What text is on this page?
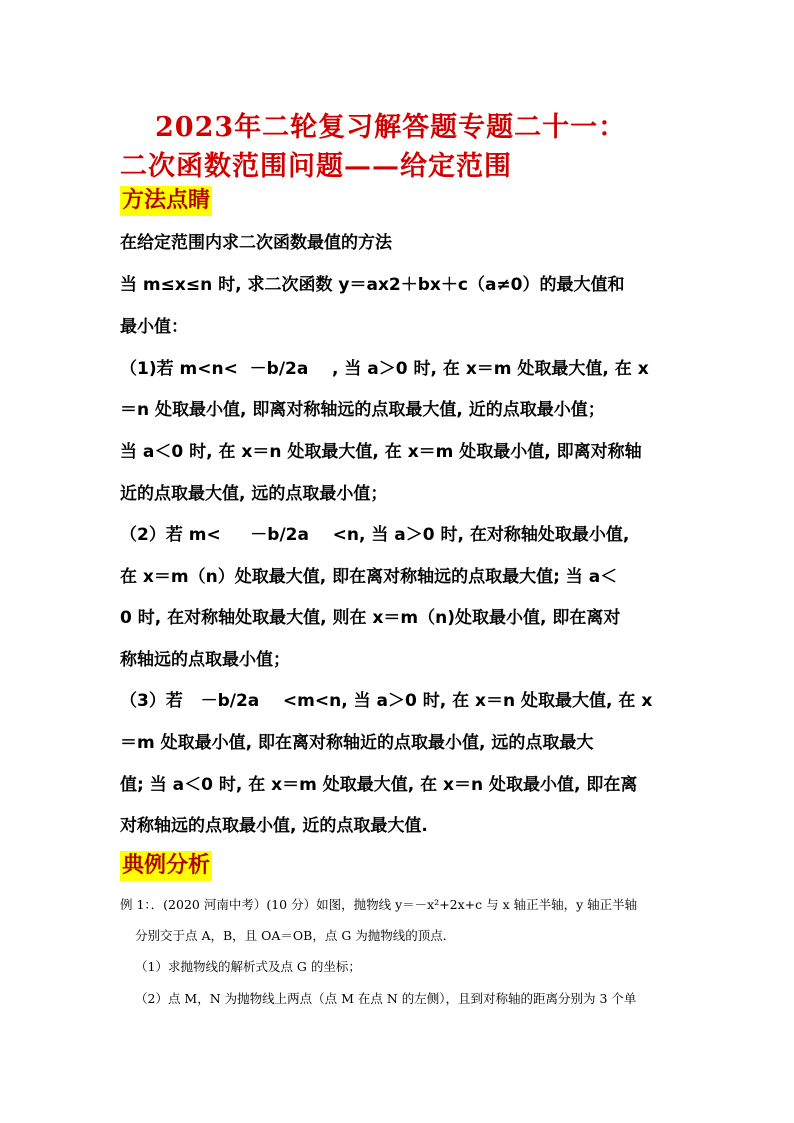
2023年二轮复习解答题专题二十一：
二次函数范围问题——给定范围
方法点睛
在给定范围内求二次函数最值的方法
当 m≤x≤n 时, 求二次函数 y＝ax2＋bx＋c（a≠0）的最大值和
最小值：
（1)若 m<n<  －b/2a    , 当 a＞0 时, 在 x＝m 处取最大值, 在 x
＝n 处取最小值, 即离对称轴远的点取最大值, 近的点取最小值；
当 a＜0 时, 在 x＝n 处取最大值, 在 x＝m 处取最小值, 即离对称轴
近的点取最大值, 远的点取最小值；
（2）若 m<     －b/2a    <n, 当 a＞0 时, 在对称轴处取最小值,
在 x＝m（n）处取最大值, 即在离对称轴远的点取最大值; 当 a＜
0 时, 在对称轴处取最大值, 则在 x＝m（n)处取最小值, 即在离对
称轴远的点取最小值；
（3）若   －b/2a    <m<n, 当 a＞0 时, 在 x＝n 处取最大值, 在 x
＝m 处取最小值, 即在离对称轴近的点取最小值, 远的点取最大
值; 当 a＜0 时, 在 x＝m 处取最大值, 在 x＝n 处取最小值, 即在离
对称轴远的点取最小值, 近的点取最大值.
典例分析
例 1：．(2020 河南中考）(10 分）如图，抛物线 y＝－x²+2x+c 与 x 轴正半轴，y 轴正半轴
分别交于点 A，B，且 OA＝OB，点 G 为抛物线的顶点．
（1）求抛物线的解析式及点 G 的坐标；
（2）点 M，N 为抛物线上两点（点 M 在点 N 的左侧），且到对称轴的距离分别为 3 个单
